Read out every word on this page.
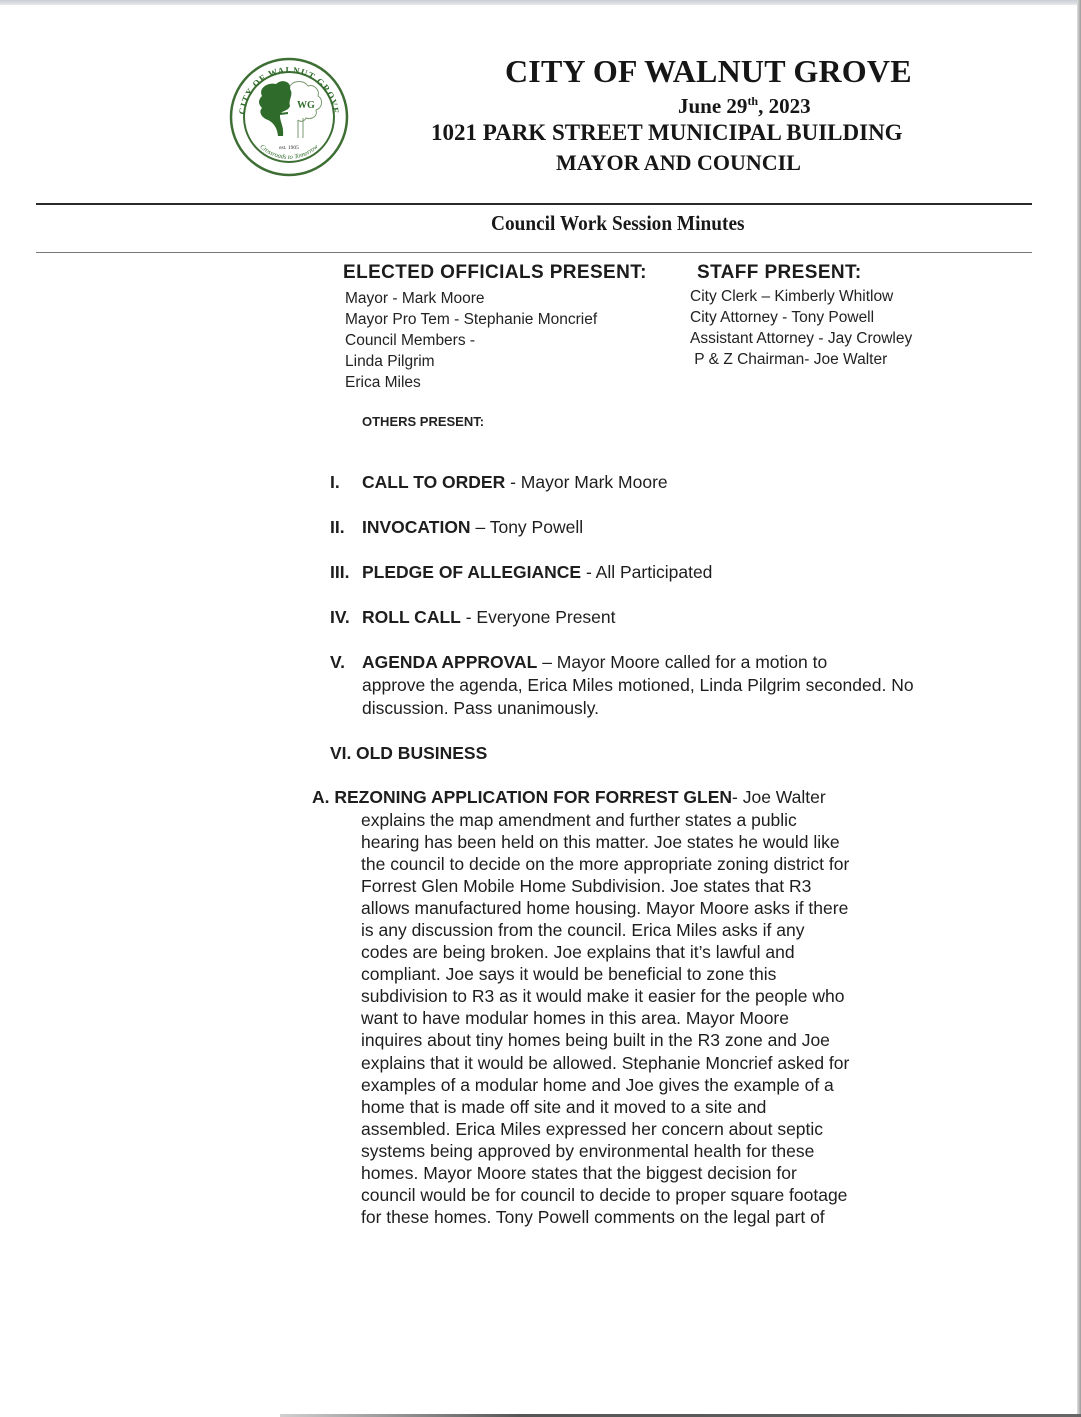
CITY OF WALNUT GROVE
Crossroads to Tomorrow
WG
est. 1905
CITY OF WALNUT GROVE
June 29th, 2023
1021 PARK STREET MUNICIPAL BUILDING
MAYOR AND COUNCIL
Council Work Session Minutes
ELECTED OFFICIALS PRESENT:	STAFF PRESENT:
Mayor - Mark Moore
Mayor Pro Tem - Stephanie Moncrief
Council Members -
Linda Pilgrim
Erica Miles
City Clerk – Kimberly Whitlow
City Attorney - Tony Powell
Assistant Attorney - Jay Crowley
P & Z Chairman- Joe Walter
OTHERS PRESENT:
I. CALL TO ORDER - Mayor Mark Moore
II. INVOCATION – Tony Powell
III. PLEDGE OF ALLEGIANCE - All Participated
IV. ROLL CALL - Everyone Present
V. AGENDA APPROVAL – Mayor Moore called for a motion to
approve the agenda, Erica Miles motioned, Linda Pilgrim seconded. No discussion. Pass unanimously.
VI. OLD BUSINESS
A. REZONING APPLICATION FOR FORREST GLEN- Joe Walter
explains the map amendment and further states a public
hearing has been held on this matter. Joe states he would like
the council to decide on the more appropriate zoning district for
Forrest Glen Mobile Home Subdivision. Joe states that R3
allows manufactured home housing. Mayor Moore asks if there
is any discussion from the council. Erica Miles asks if any
codes are being broken. Joe explains that it’s lawful and
compliant. Joe says it would be beneficial to zone this
subdivision to R3 as it would make it easier for the people who
want to have modular homes in this area. Mayor Moore
inquires about tiny homes being built in the R3 zone and Joe
explains that it would be allowed. Stephanie Moncrief asked for
examples of a modular home and Joe gives the example of a
home that is made off site and it moved to a site and
assembled. Erica Miles expressed her concern about septic
systems being approved by environmental health for these
homes. Mayor Moore states that the biggest decision for
council would be for council to decide to proper square footage
for these homes. Tony Powell comments on the legal part of
